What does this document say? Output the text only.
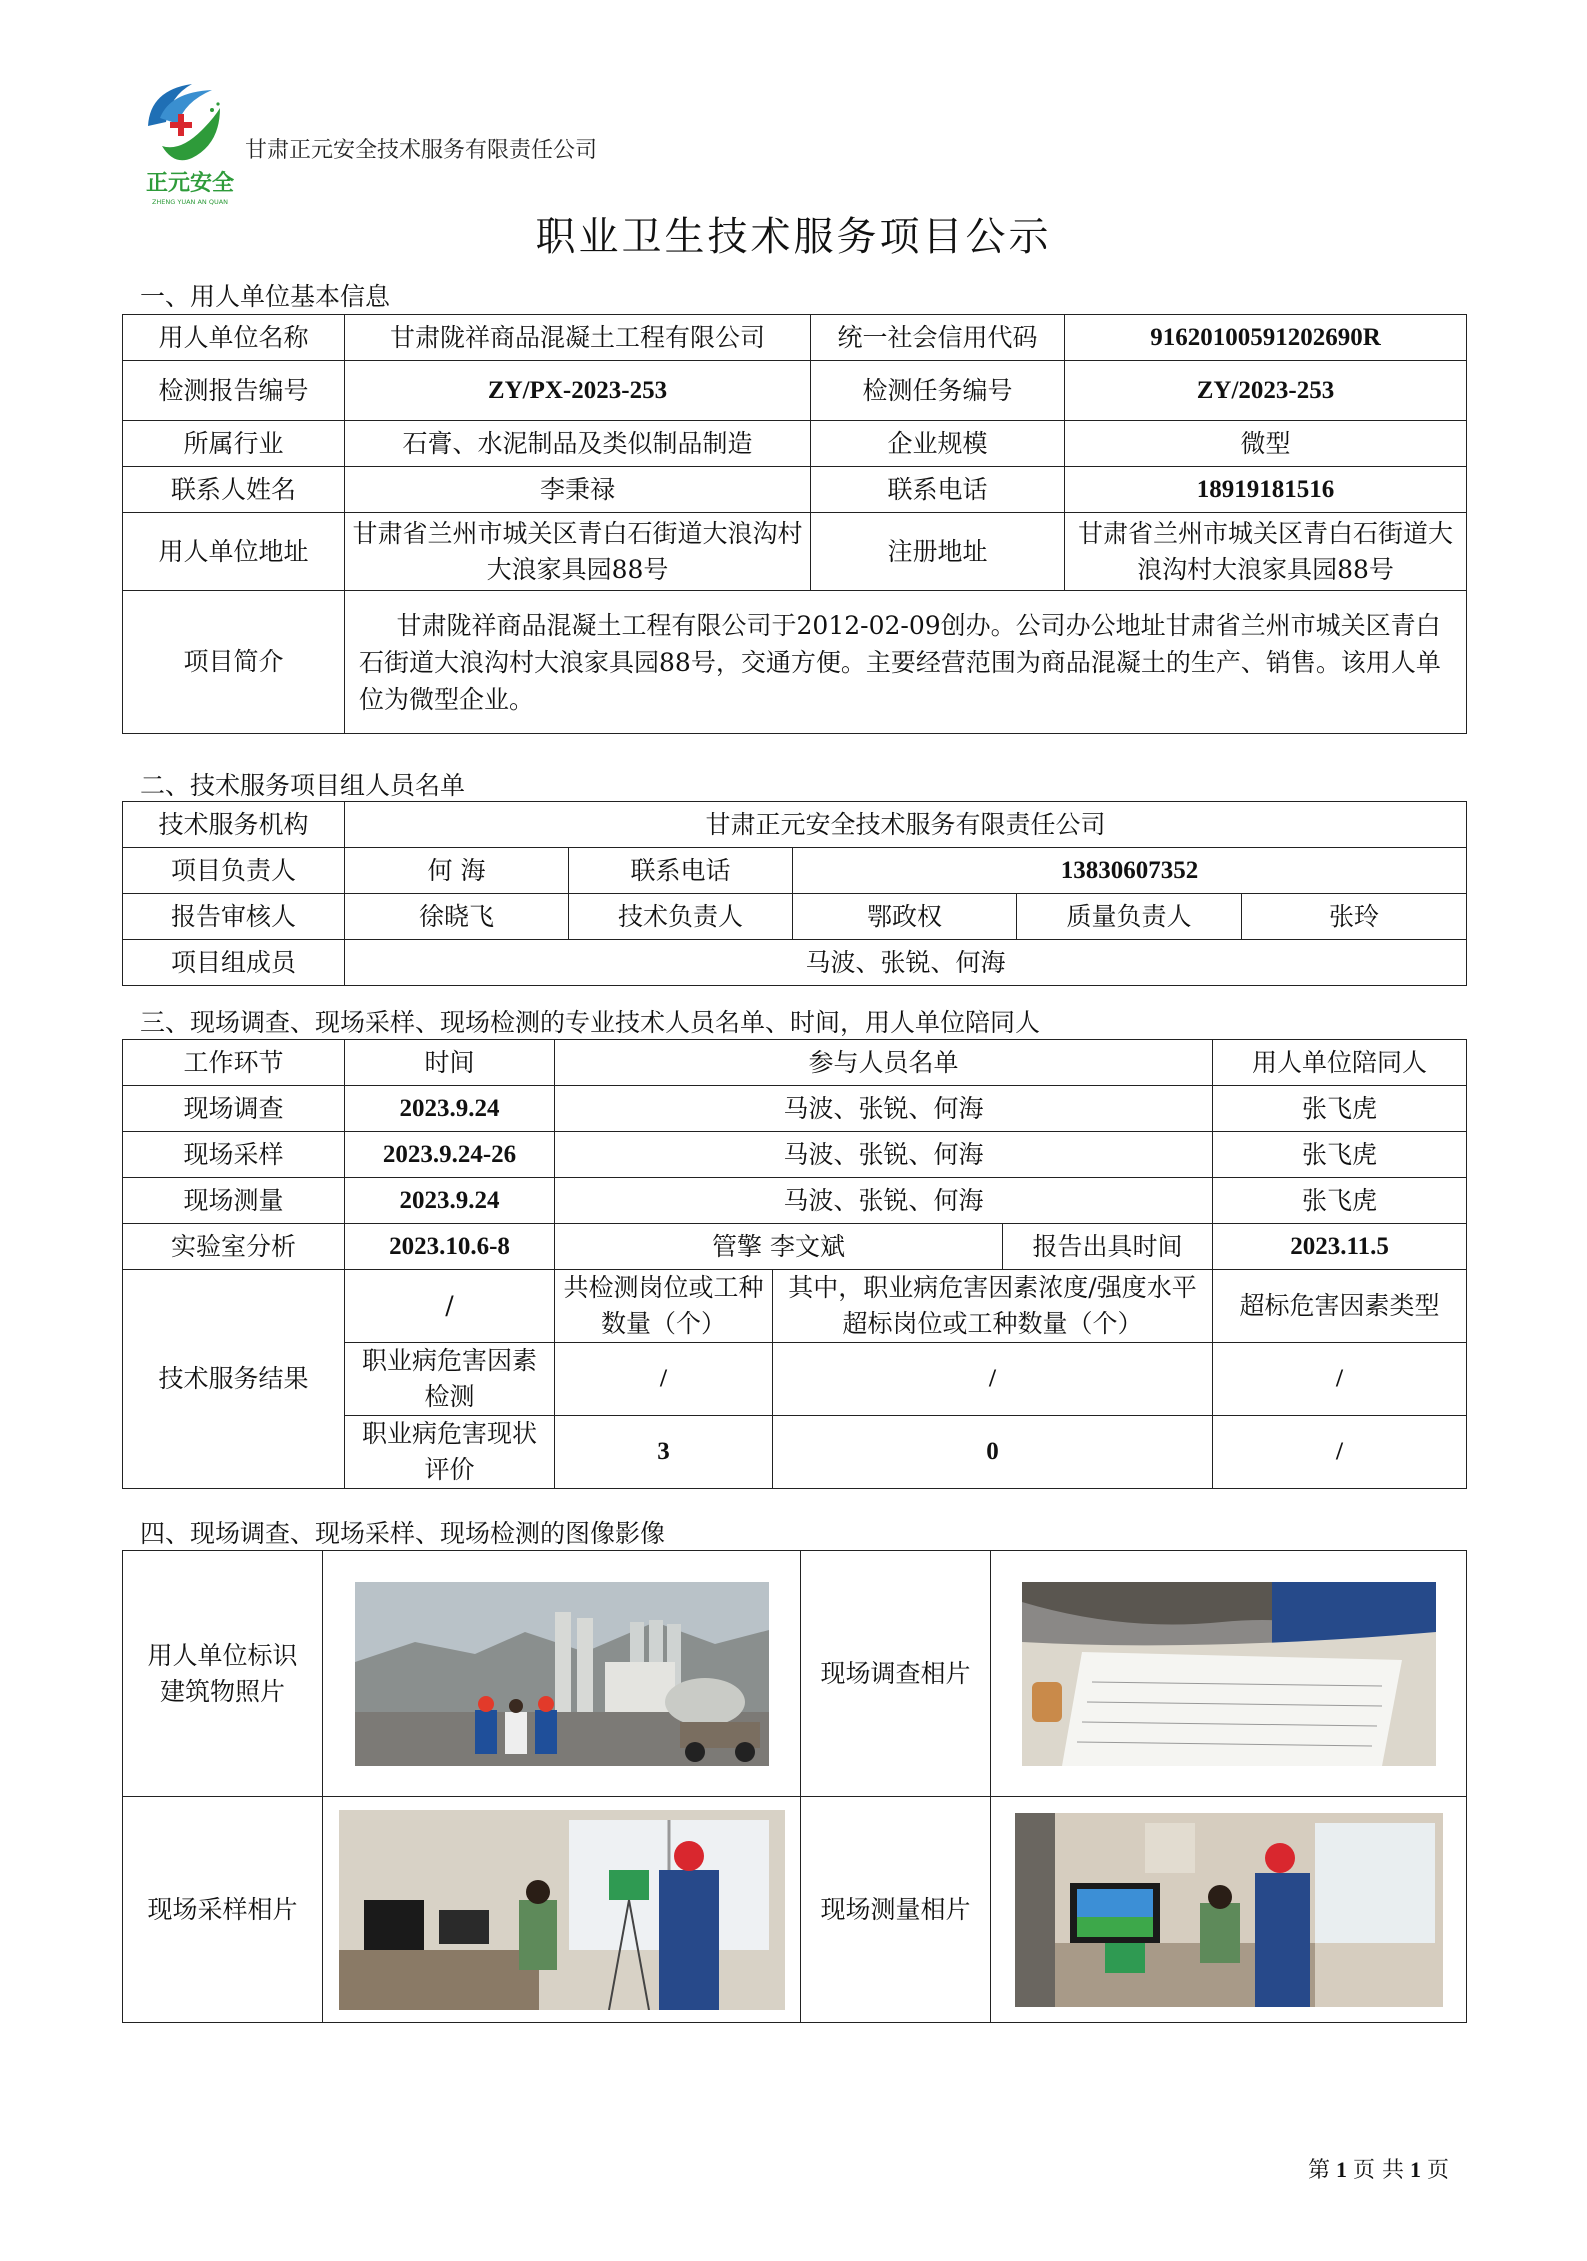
正元安全
ZHENG YUAN AN QUAN
甘肃正元安全技术服务有限责任公司
职业卫生技术服务项目公示
一、用人单位基本信息
用人单位名称	甘肃陇祥商品混凝土工程有限公司	统一社会信用代码	91620100591202690R
检测报告编号	ZY/PX-2023-253	检测任务编号	ZY/2023-253
所属行业	石膏、水泥制品及类似制品制造	企业规模	微型
联系人姓名	李秉禄	联系电话	18919181516
用人单位地址	甘肃省兰州市城关区青白石街道大浪沟村大浪家具园88号	注册地址	甘肃省兰州市城关区青白石街道大浪沟村大浪家具园88号
项目简介	甘肃陇祥商品混凝土工程有限公司于2012-02-09创办。公司办公地址甘肃省兰州市城关区青白石街道大浪沟村大浪家具园88号，交通方便。主要经营范围为商品混凝土的生产、销售。该用人单位为微型企业。		
二、技术服务项目组人员名单
技术服务机构	甘肃正元安全技术服务有限责任公司				
项目负责人	何 海	联系电话	13830607352		
报告审核人	徐晓飞	技术负责人	鄂政权	质量负责人	张玲
项目组成员	马波、张锐、何海				
三、现场调查、现场采样、现场检测的专业技术人员名单、时间，用人单位陪同人
工作环节	时间	参与人员名单			用人单位陪同人
现场调查	2023.9.24	马波、张锐、何海			张飞虎
现场采样	2023.9.24-26	马波、张锐、何海			张飞虎
现场测量	2023.9.24	马波、张锐、何海			张飞虎
实验室分析	2023.10.6-8	管擎 李文斌		报告出具时间	2023.11.5
技术服务结果	/	共检测岗位或工种数量（个）	其中，职业病危害因素浓度/强度水平超标岗位或工种数量（个）		超标危害因素类型
	职业病危害因素检测	/	/		/
	职业病危害现状评价	3	0		/
四、现场调查、现场采样、现场检测的图像影像
用人单位标识建筑物照片		现场调查相片	

现场采样相片		现场测量相片	
第 1 页 共 1 页
